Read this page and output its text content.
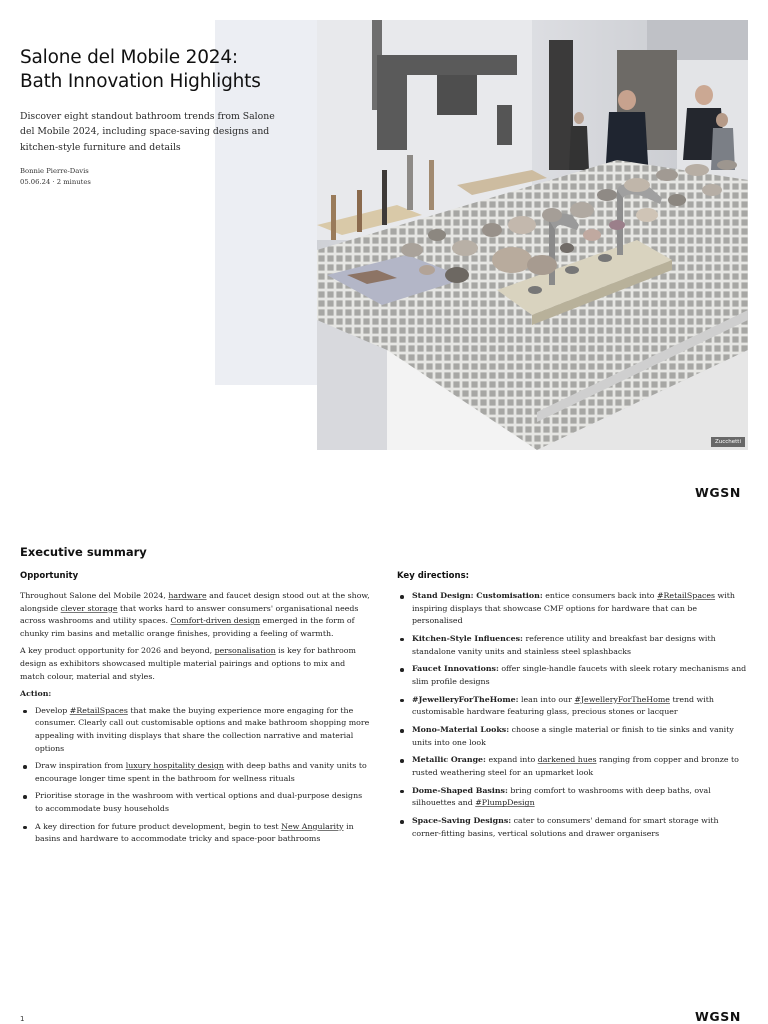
Salone del Mobile 2024:
Bath Innovation Highlights

Discover eight standout bathroom trends from Salone del Mobile 2024, including space-saving designs and kitchen-style furniture and details

Bonnie Pierre-Davis
05.06.24 · 2 minutes
Zucchetti
WGSN
Executive summary
Opportunity	Key directions:

Throughout Salone del Mobile 2024, hardware and faucet design stood out at the show, alongside clever storage that works hard to answer consumers' organisational needs across washrooms and utility spaces. Comfort-driven design emerged in the form of chunky rim basins and metallic orange finishes, providing a feeling of warmth.

A key product opportunity for 2026 and beyond, personalisation is key for bathroom design as exhibitors showcased multiple material pairings and options to mix and match colour, material and styles.

Action:
Develop #RetailSpaces that make the buying experience more engaging for the consumer. Clearly call out customisable options and make bathroom shopping more appealing with inviting displays that share the collection narrative and material options
Draw inspiration from luxury hospitality design with deep baths and vanity units to encourage longer time spent in the bathroom for wellness rituals
Prioritise storage in the washroom with vertical options and dual-purpose designs to accommodate busy households
A key direction for future product development, begin to test New Angularity in basins and hardware to accommodate tricky and space-poor bathrooms
Stand Design: Customisation: entice consumers back into #RetailSpaces with inspiring displays that showcase CMF options for hardware that can be personalised
Kitchen-Style Influences: reference utility and breakfast bar designs with standalone vanity units and stainless steel splashbacks
Faucet Innovations: offer single-handle faucets with sleek rotary mechanisms and slim profile designs
#JewelleryForTheHome: lean into our #JewelleryForTheHome trend with customisable hardware featuring glass, precious stones or lacquer
Mono-Material Looks: choose a single material or finish to tie sinks and vanity units into one look
Metallic Orange: expand into darkened hues ranging from copper and bronze to rusted weathering steel for an upmarket look
Dome-Shaped Basins: bring comfort to washrooms with deep baths, oval silhouettes and #PlumpDesign
Space-Saving Designs: cater to consumers' demand for smart storage with corner-fitting basins, vertical solutions and drawer organisers
1	WGSN
